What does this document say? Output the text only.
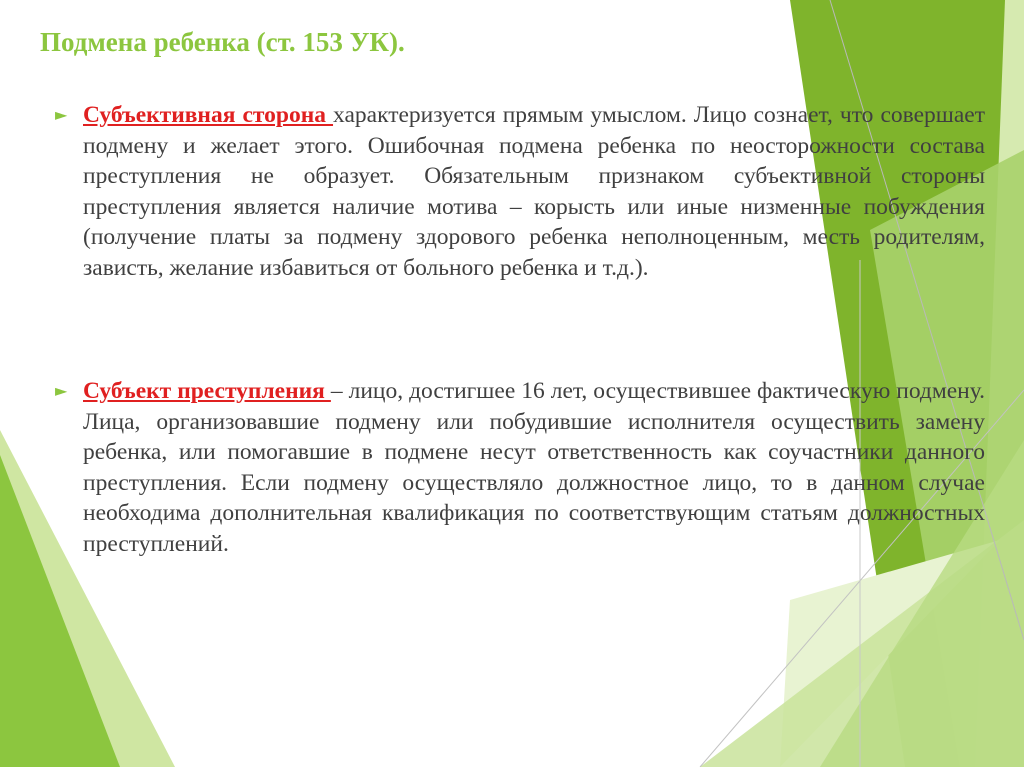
Подмена ребенка (ст. 153 УК).
► Субъективная сторона характеризуется прямым умыслом. Лицо сознает, что совершает подмену и желает этого. Ошибочная подмена ребенка по неосторожности состава преступления не образует. Обязательным признаком субъективной стороны преступления является наличие мотива – корысть или иные низменные побуждения (получение платы за подмену здорового ребенка неполноценным, месть родителям, зависть, желание избавиться от больного ребенка и т.д.).
► Субъект преступления – лицо, достигшее 16 лет, осуществившее фактическую подмену. Лица, организовавшие подмену или побудившие исполнителя осуществить замену ребенка, или помогавшие в подмене несут ответственность как соучастники данного преступления. Если подмену осуществляло должностное лицо, то в данном случае необходима дополнительная квалификация по соответствующим статьям должностных преступлений.
